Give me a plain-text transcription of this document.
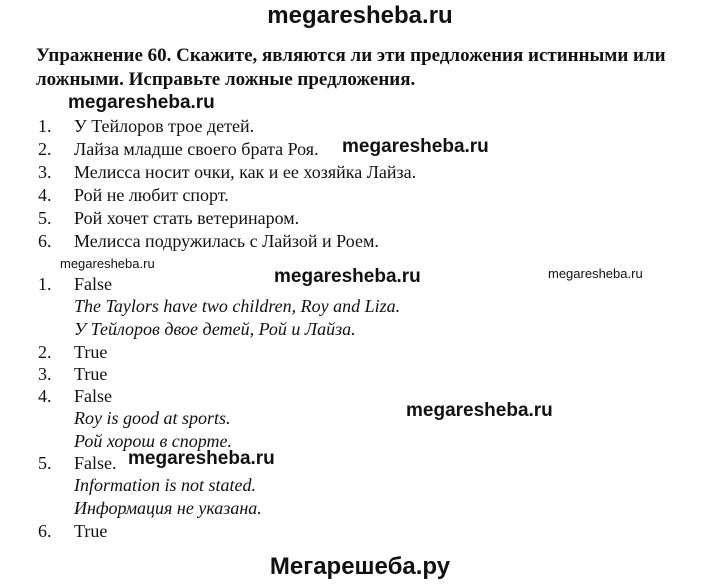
megaresheba.ru
Упражнение 60. Скажите, являются ли эти предложения истинными или
ложными. Исправьте ложные предложения.
megaresheba.ru
megaresheba.ru
megaresheba.ru
megaresheba.ru	megaresheba.ru
megaresheba.ru
megaresheba.ru
1. У Тейлоров трое детей.
2. Лайза младше своего брата Роя.
3. Мелисса носит очки, как и ее хозяйка Лайза.
4. Рой не любит спорт.
5. Рой хочет стать ветеринаром.
6. Мелисса подружилась с Лайзой и Роем.
1. False
The Taylors have two children, Roy and Liza.
У Тейлоров двое детей, Рой и Лайза.
2. True
3. True
4. False
Roy is good at sports.
Рой хорош в спорте.
5. False.
Information is not stated.
Информация не указана.
6. True
Мегарешеба.ру
